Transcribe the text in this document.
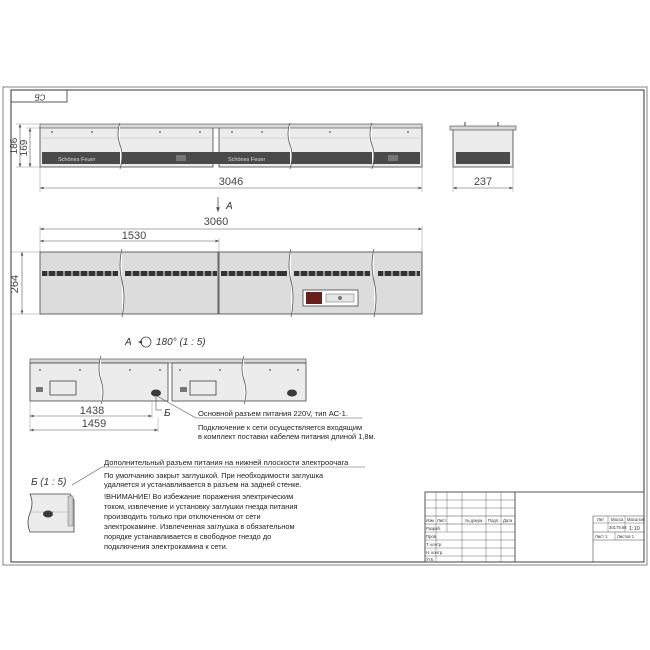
СБ
Schönes Feuer	Schönes Feuer
186 169
3046	237
А
3060
1530
264
А 180° (1 : 5)
Б
1438
1459
Б (1 : 5)
Изм Лист	№ докум. Подп. Дата
Разраб.
Пров.
Т. контр.
Н. контр.
Утв.
Лит Масса Масштаб
30179.66
Лист 1 Листов 1
1:10
Основной разъем питания 220V, тип АС-1.
Подключение к сети осуществляется входящим
в комплект поставки кабелем питания длиной 1,8м.
Дополнительный разъем питания на нижней плоскости электроочага
По умолчанию закрыт заглушкой. При необходимости заглушка
удаляется и устанавливается в разъем на задней стенке.
!ВНИМАНИЕ! Во избежание поражения электрическим
током, извлечение и установку заглушки гнезда питания
производить только при отключенном от сети
электрокамине. Извлеченная заглушка в обязательном
порядке устанавливается в свободное гнездо до
подключения электрокамина к сети.
